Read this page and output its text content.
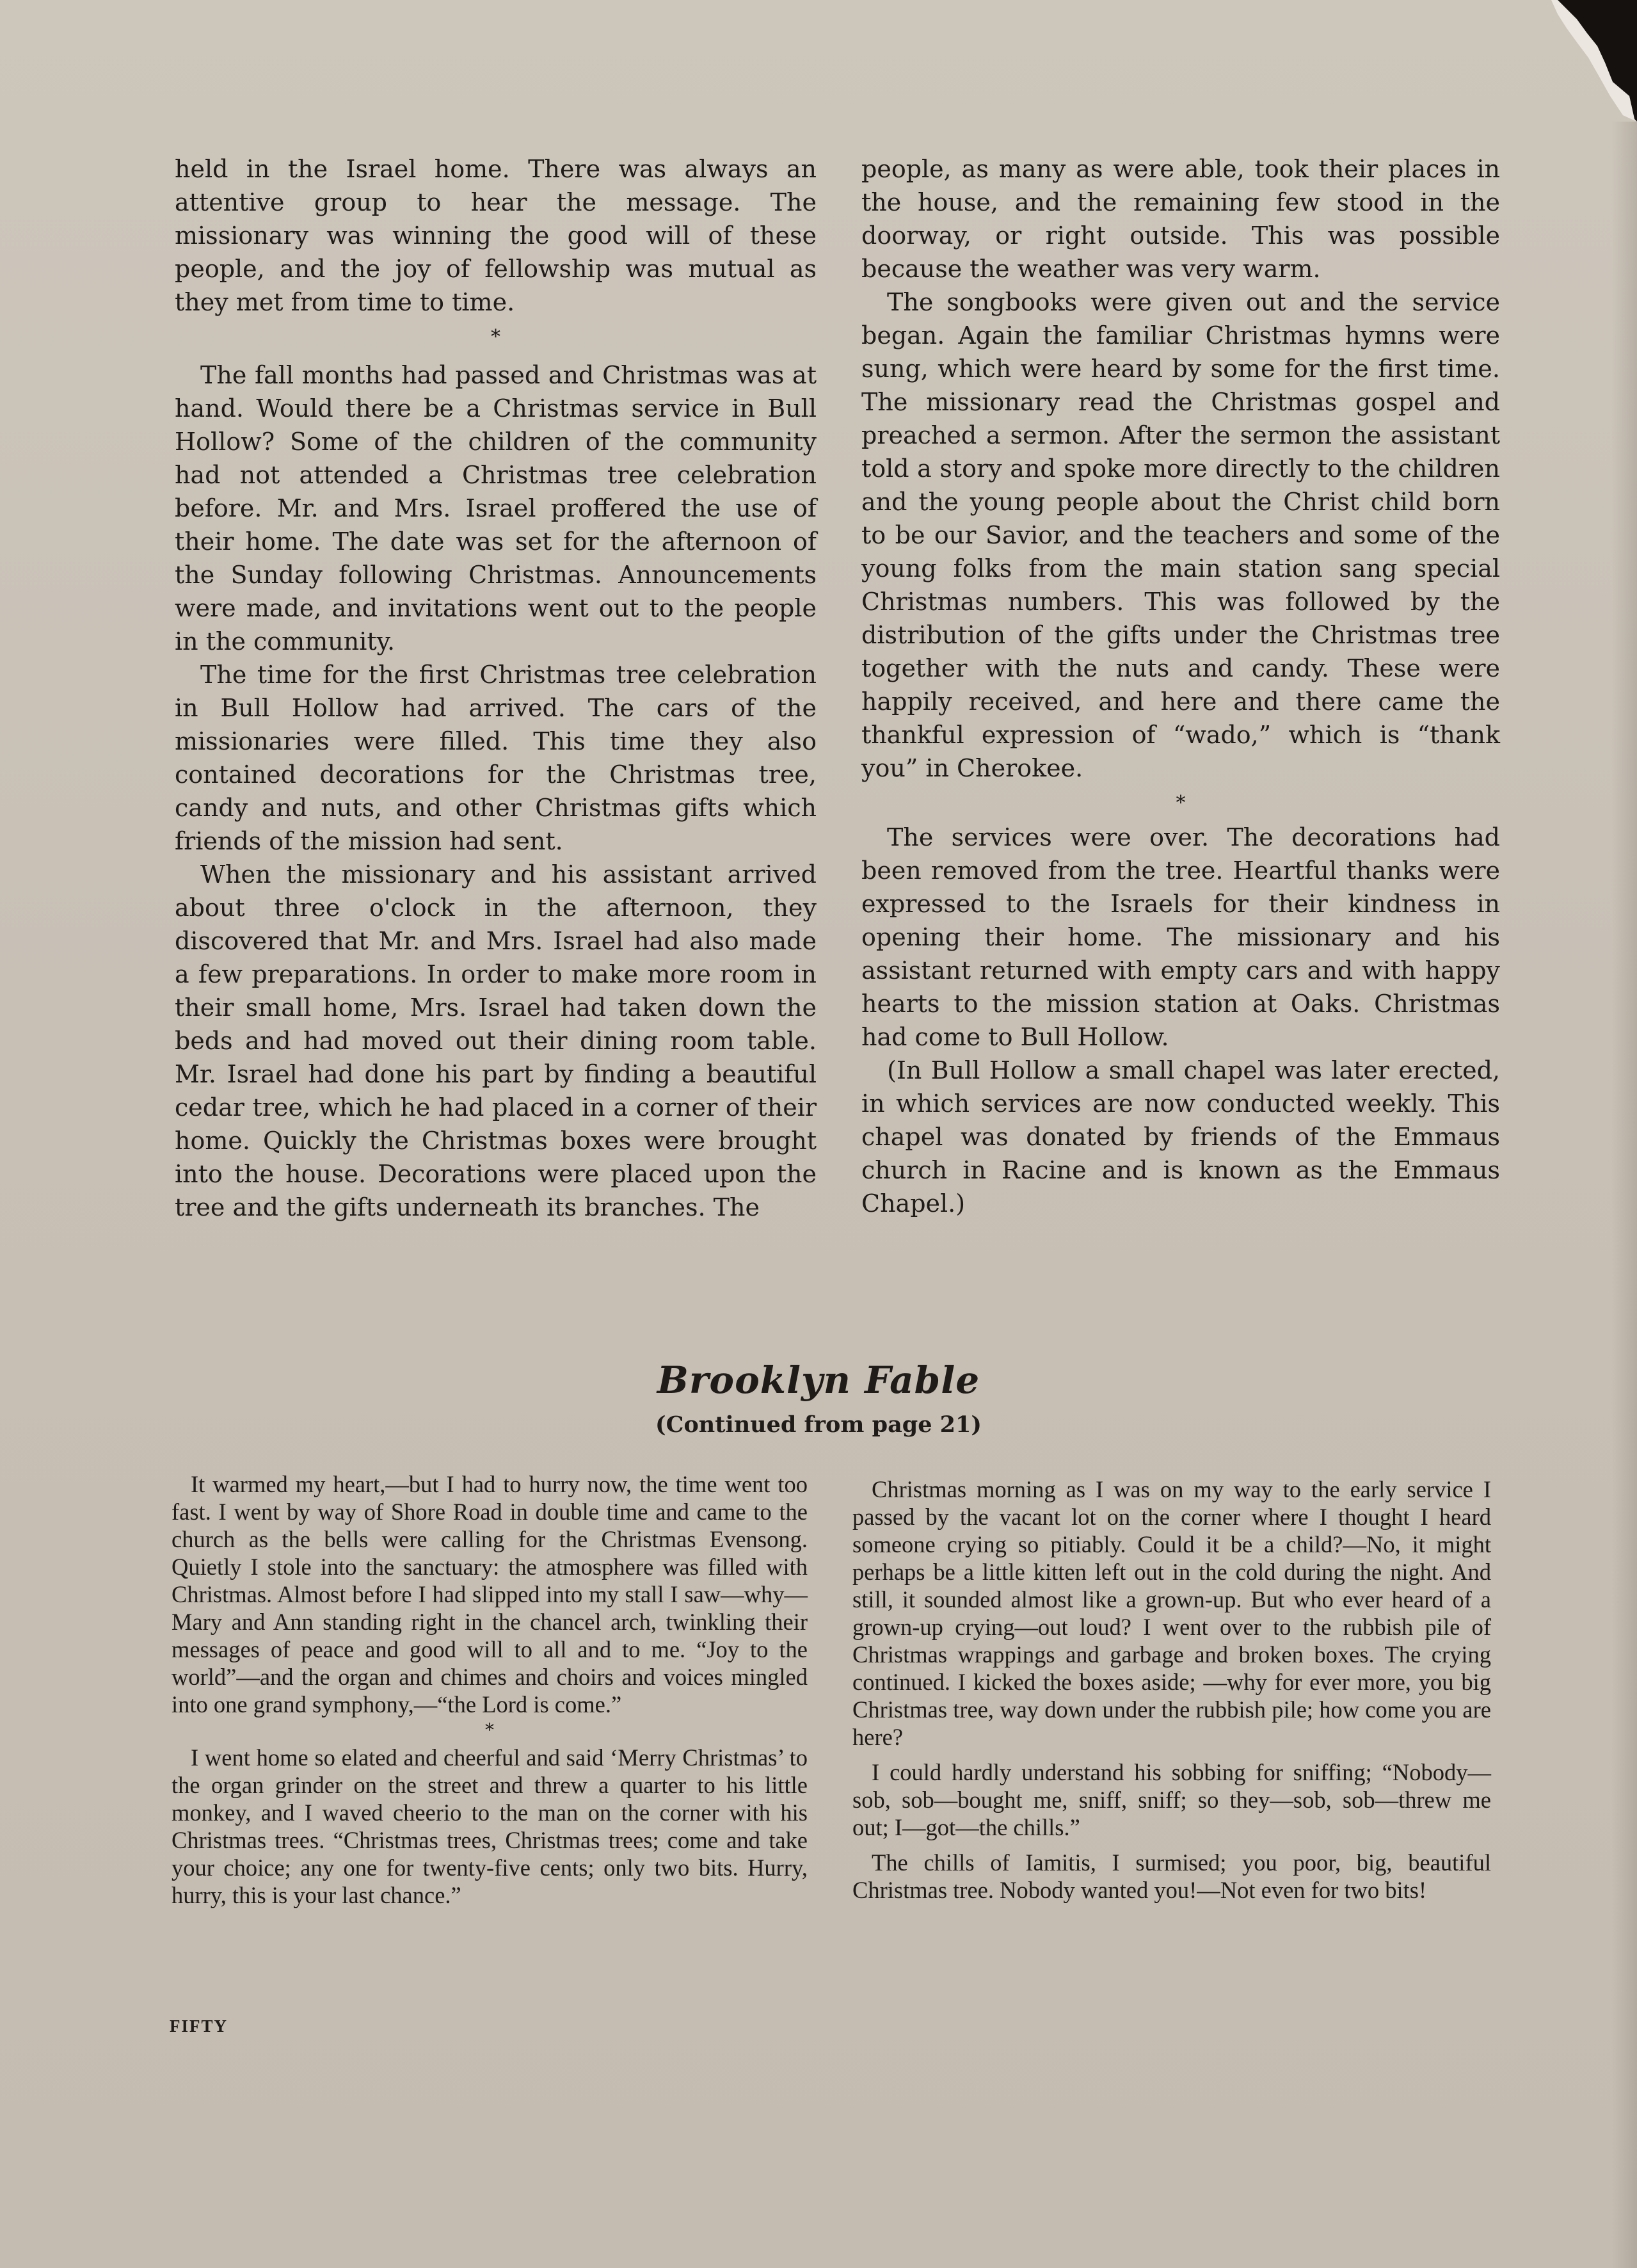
held in the Israel home. There was always an attentive group to hear the message. The missionary was winning the good will of these people, and the joy of fellowship was mutual as they met from time to time.

*

The fall months had passed and Christmas was at hand. Would there be a Christmas service in Bull Hollow? Some of the children of the community had not attended a Christmas tree celebration before. Mr. and Mrs. Israel proffered the use of their home. The date was set for the afternoon of the Sunday following Christmas. Announcements were made, and invitations went out to the people in the community.

The time for the first Christmas tree celebration in Bull Hollow had arrived. The cars of the missionaries were filled. This time they also contained decorations for the Christmas tree, candy and nuts, and other Christmas gifts which friends of the mission had sent.

When the missionary and his assistant arrived about three o'clock in the afternoon, they discovered that Mr. and Mrs. Israel had also made a few preparations. In order to make more room in their small home, Mrs. Israel had taken down the beds and had moved out their dining room table. Mr. Israel had done his part by finding a beautiful cedar tree, which he had placed in a corner of their home. Quickly the Christmas boxes were brought into the house. Decorations were placed upon the tree and the gifts underneath its branches. The

people, as many as were able, took their places in the house, and the remaining few stood in the doorway, or right outside. This was possible because the weather was very warm.

The songbooks were given out and the service began. Again the familiar Christmas hymns were sung, which were heard by some for the first time. The missionary read the Christmas gospel and preached a sermon. After the sermon the assistant told a story and spoke more directly to the children and the young people about the Christ child born to be our Savior, and the teachers and some of the young folks from the main station sang special Christmas numbers. This was followed by the distribution of the gifts under the Christmas tree together with the nuts and candy. These were happily received, and here and there came the thankful expression of “wado,” which is “thank you” in Cherokee.

*

The services were over. The decorations had been removed from the tree. Heartful thanks were expressed to the Israels for their kindness in opening their home. The missionary and his assistant returned with empty cars and with happy hearts to the mission station at Oaks. Christmas had come to Bull Hollow.

(In Bull Hollow a small chapel was later erected, in which services are now conducted weekly. This chapel was donated by friends of the Emmaus church in Racine and is known as the Emmaus Chapel.)

Brooklyn Fable
(Continued from page 21)

It warmed my heart,—but I had to hurry now, the time went too fast. I went by way of Shore Road in double time and came to the church as the bells were calling for the Christmas Evensong. Quietly I stole into the sanctuary: the atmosphere was filled with Christmas. Almost before I had slipped into my stall I saw—why—Mary and Ann standing right in the chancel arch, twinkling their messages of peace and good will to all and to me. “Joy to the world”—and the organ and chimes and choirs and voices mingled into one grand symphony,—“the Lord is come.”

*

I went home so elated and cheerful and said ‘Merry Christmas’ to the organ grinder on the street and threw a quarter to his little monkey, and I waved cheerio to the man on the corner with his Christmas trees. “Christmas trees, Christmas trees; come and take your choice; any one for twenty-five cents; only two bits. Hurry, hurry, this is your last chance.”

Christmas morning as I was on my way to the early service I passed by the vacant lot on the corner where I thought I heard someone crying so pitiably. Could it be a child?—No, it might perhaps be a little kitten left out in the cold during the night. And still, it sounded almost like a grown-up. But who ever heard of a grown-up crying—out loud? I went over to the rubbish pile of Christmas wrappings and garbage and broken boxes. The crying continued. I kicked the boxes aside; —why for ever more, you big Christmas tree, way down under the rubbish pile; how come you are here?

I could hardly understand his sobbing for sniffing; “Nobody—sob, sob—bought me, sniff, sniff; so they—sob, sob—threw me out; I—got—the chills.”

The chills of Iamitis, I surmised; you poor, big, beautiful Christmas tree. Nobody wanted you!—Not even for two bits!

FIFTY
